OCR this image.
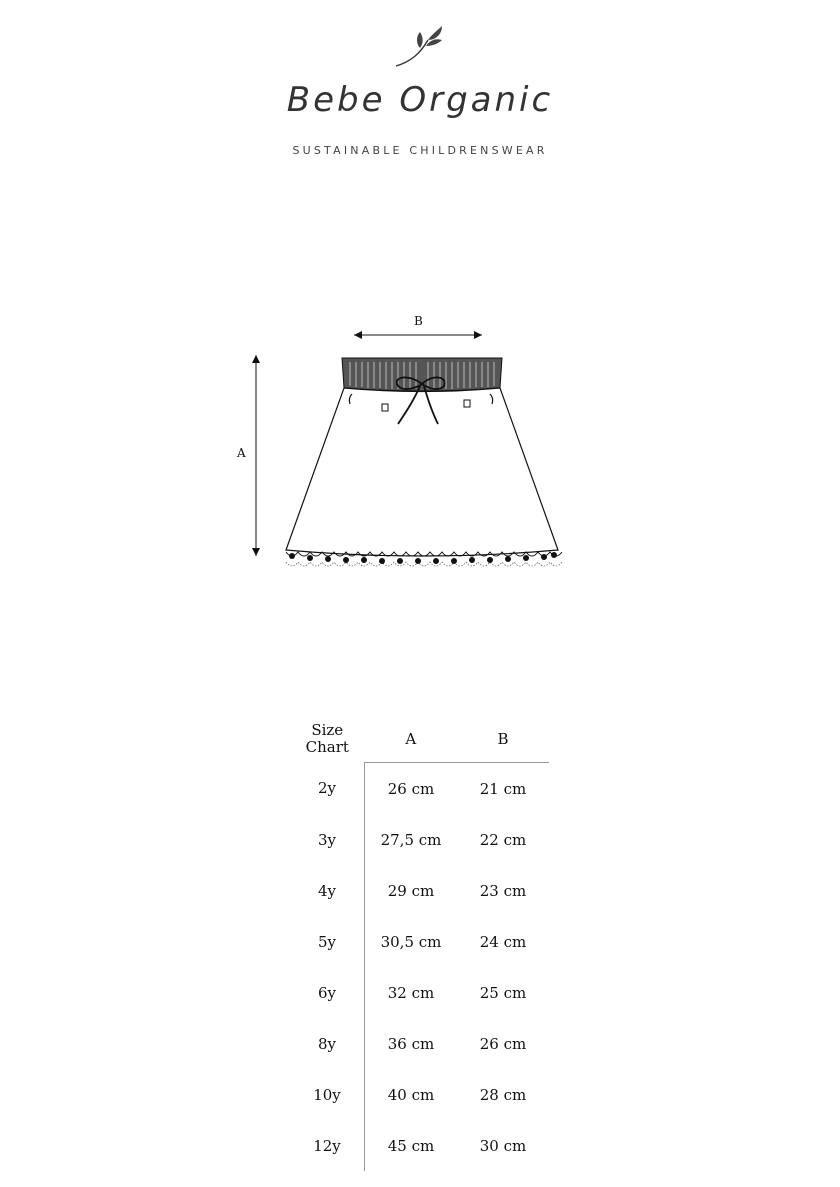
Bebe Organic
SUSTAINABLE CHILDRENSWEAR
B
A
Size
Chart	A	B
2y	26 cm	21 cm
3y	27,5 cm	22 cm
4y	29 cm	23 cm
5y	30,5 cm	24 cm
6y	32 cm	25 cm
8y	36 cm	26 cm
10y	40 cm	28 cm
12y	45 cm	30 cm
